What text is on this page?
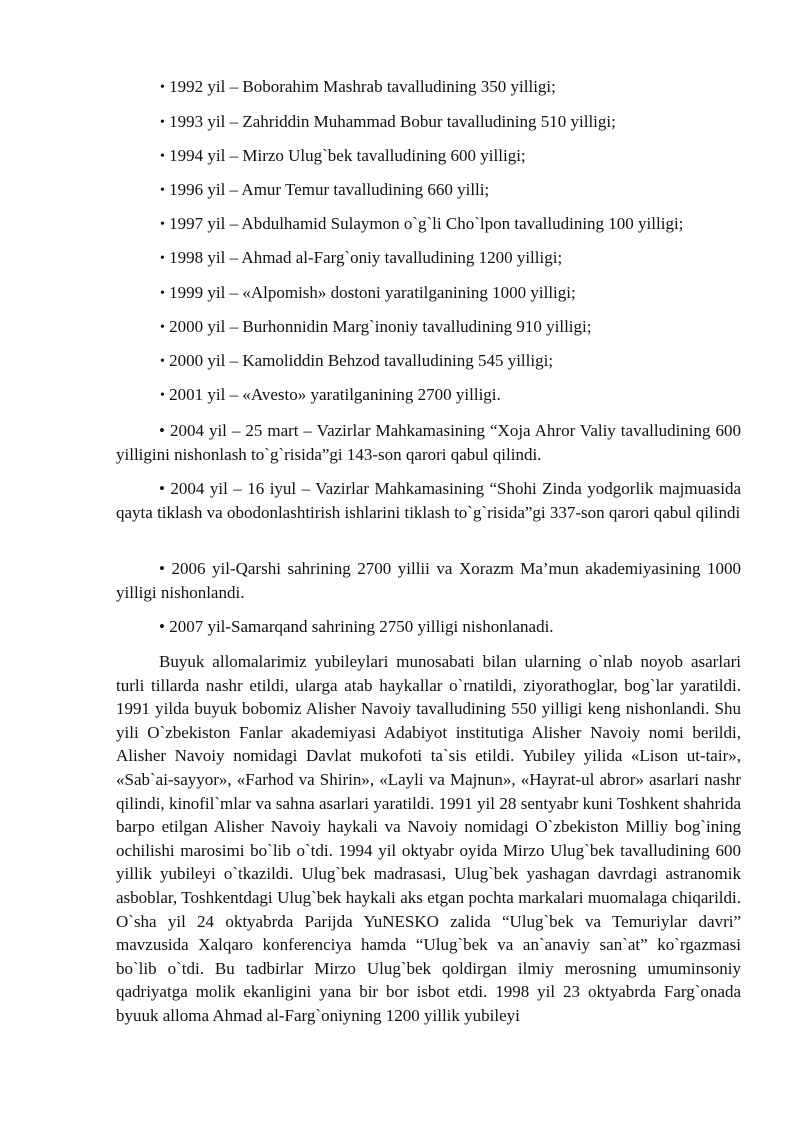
• 1992 yil – Boborahim Mashrab tavalludining 350 yilligi;
• 1993 yil – Zahriddin Muhammad Bobur tavalludining 510 yilligi;
• 1994 yil – Mirzo Ulug`bek tavalludining 600 yilligi;
• 1996 yil – Amur Temur tavalludining 660 yilli;
• 1997 yil – Abdulhamid Sulaymon o`g`li Cho`lpon tavalludining 100 yilligi;
• 1998 yil – Ahmad al-Farg`oniy tavalludining 1200 yilligi;
• 1999 yil – «Alpomish» dostoni yaratilganining 1000 yilligi;
• 2000 yil – Burhonnidin Marg`inoniy tavalludining 910 yilligi;
• 2000 yil – Kamoliddin Behzod tavalludining 545 yilligi;
• 2001 yil – «Avesto» yaratilganining 2700 yilligi.
• 2004 yil – 25 mart – Vazirlar Mahkamasining “Xoja Ahror Valiy tavalludining 600 yilligini nishonlash to`g`risida”gi 143-son qarori qabul qilindi.
• 2004 yil – 16 iyul – Vazirlar Mahkamasining “Shohi Zinda yodgorlik majmuasida qayta tiklash va obodonlashtirish ishlarini tiklash to`g`risida”gi 337-son qarori qabul qilindi
• 2006 yil-Qarshi sahrining 2700 yillii va Xorazm Ma’mun akademiyasining 1000 yilligi nishonlandi.
• 2007 yil-Samarqand sahrining 2750 yilligi nishonlanadi.
Buyuk allomalarimiz yubileylari munosabati bilan ularning o`nlab noyob asarlari turli tillarda nashr etildi, ularga atab haykallar o`rnatildi, ziyorathoglar, bog`lar yaratildi. 1991 yilda buyuk bobomiz Alisher Navoiy tavalludining 550 yilligi keng nishonlandi. Shu yili O`zbekiston Fanlar akademiyasi Adabiyot institutiga Alisher Navoiy nomi berildi, Alisher Navoiy nomidagi Davlat mukofoti ta`sis etildi. Yubiley yilida «Lison ut-tair», «Sab`ai-sayyor», «Farhod va Shirin», «Layli va Majnun», «Hayrat-ul abror» asarlari nashr qilindi, kinofil`mlar va sahna asarlari yaratildi. 1991 yil 28 sentyabr kuni Toshkent shahrida barpo etilgan Alisher Navoiy haykali va Navoiy nomidagi O`zbekiston Milliy bog`ining ochilishi marosimi bo`lib o`tdi. 1994 yil oktyabr oyida Mirzo Ulug`bek tavalludining 600 yillik yubileyi o`tkazildi. Ulug`bek madrasasi, Ulug`bek yashagan davrdagi astranomik asboblar, Toshkentdagi Ulug`bek haykali aks etgan pochta markalari muomalaga chiqarildi. O`sha yil 24 oktyabrda Parijda YuNESKO zalida “Ulug`bek va Temuriylar davri” mavzusida Xalqaro konferenciya hamda “Ulug`bek va an`anaviy san`at” ko`rgazmasi bo`lib o`tdi. Bu tadbirlar Mirzo Ulug`bek qoldirgan ilmiy merosning umuminsoniy qadriyatga molik ekanligini yana bir bor isbot etdi. 1998 yil 23 oktyabrda Farg`onada byuuk alloma Ahmad al-Farg`oniyning 1200 yillik yubileyi
